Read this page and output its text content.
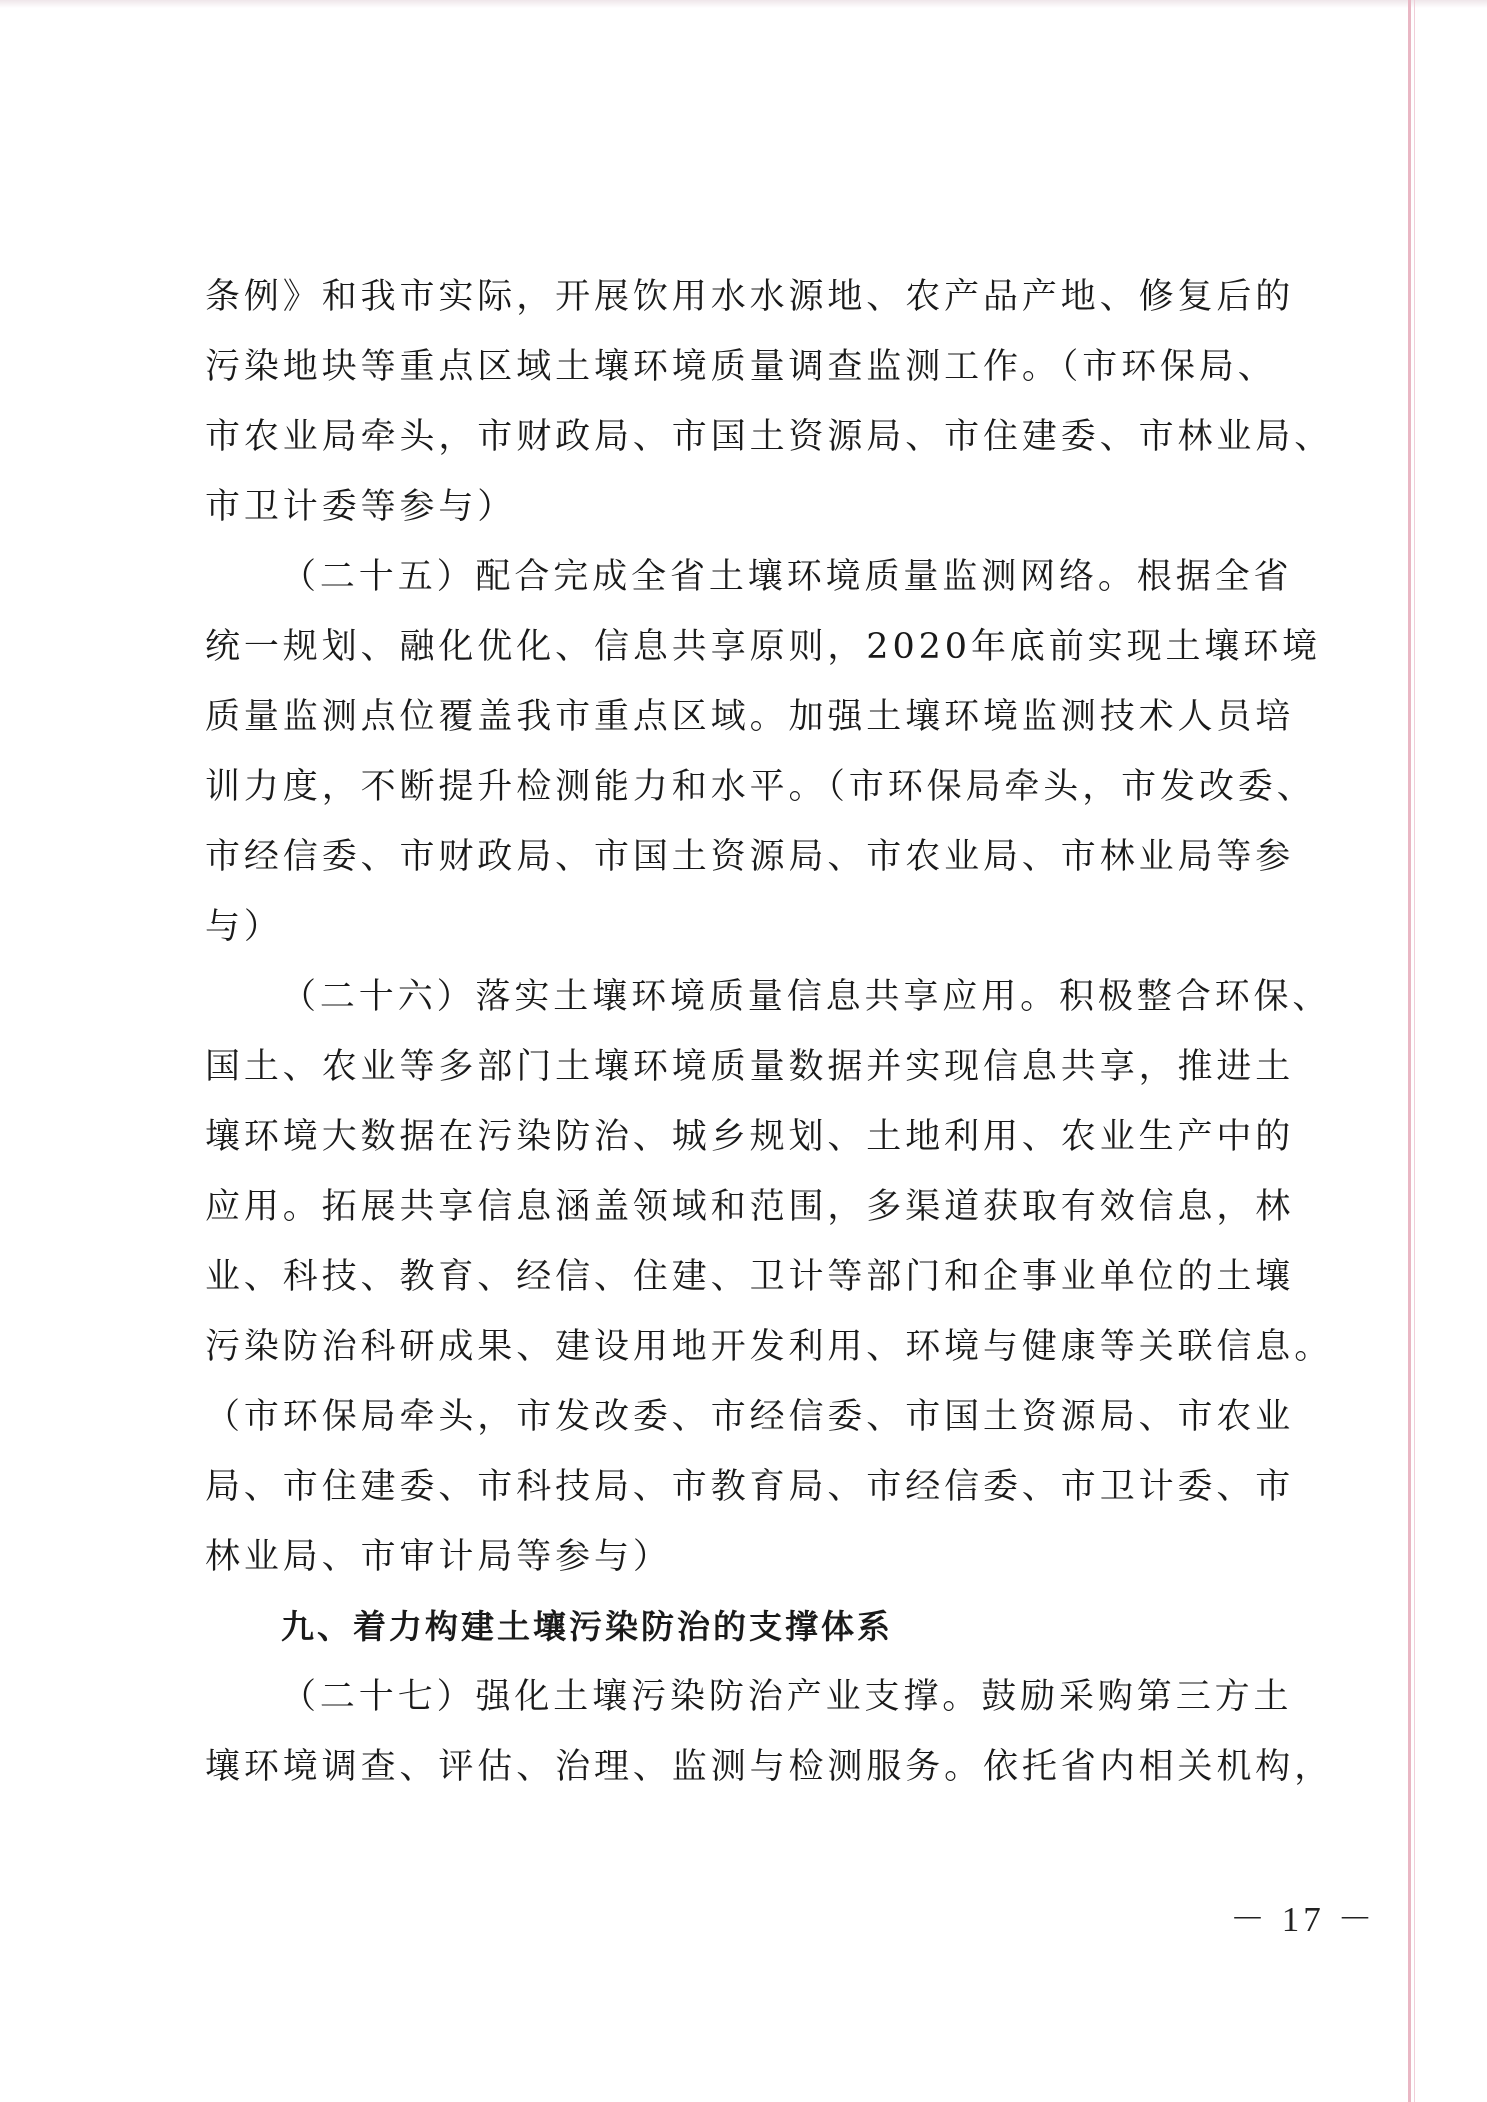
条例》和我市实际，开展饮用水水源地、农产品产地、修复后的
污染地块等重点区域土壤环境质量调查监测工作。（市环保局、
市农业局牵头，市财政局、市国土资源局、市住建委、市林业局、
市卫计委等参与）
（二十五）配合完成全省土壤环境质量监测网络。根据全省
统一规划、融化优化、信息共享原则，2020年底前实现土壤环境
质量监测点位覆盖我市重点区域。加强土壤环境监测技术人员培
训力度，不断提升检测能力和水平。（市环保局牵头，市发改委、
市经信委、市财政局、市国土资源局、市农业局、市林业局等参
与）
（二十六）落实土壤环境质量信息共享应用。积极整合环保、
国土、农业等多部门土壤环境质量数据并实现信息共享，推进土
壤环境大数据在污染防治、城乡规划、土地利用、农业生产中的
应用。拓展共享信息涵盖领域和范围，多渠道获取有效信息，林
业、科技、教育、经信、住建、卫计等部门和企事业单位的土壤
污染防治科研成果、建设用地开发利用、环境与健康等关联信息。
（市环保局牵头，市发改委、市经信委、市国土资源局、市农业
局、市住建委、市科技局、市教育局、市经信委、市卫计委、市
林业局、市审计局等参与）
九、着力构建土壤污染防治的支撑体系
（二十七）强化土壤污染防治产业支撑。鼓励采购第三方土
壤环境调查、评估、治理、监测与检测服务。依托省内相关机构，
－ 17 －
